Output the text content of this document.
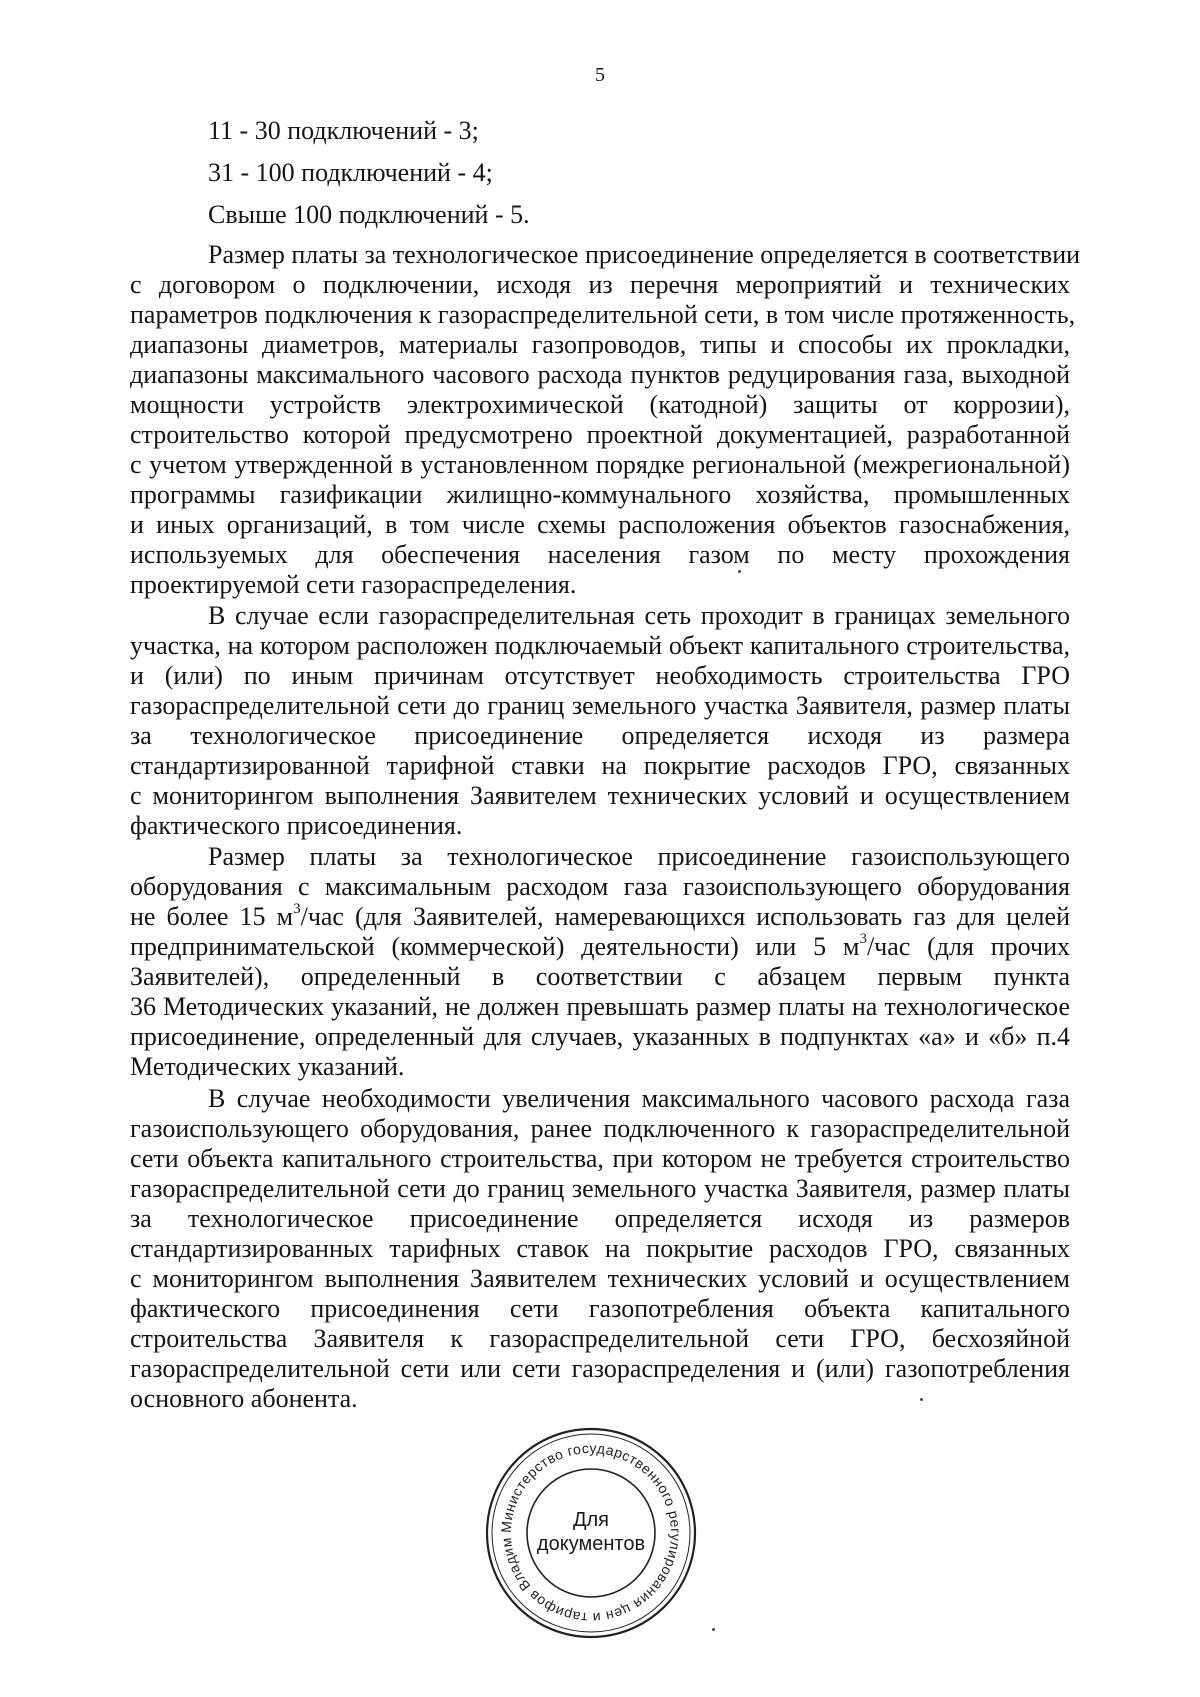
5
11 - 30 подключений - 3;
31 - 100 подключений - 4;
Свыше 100 подключений - 5.
Размер платы за технологическое присоединение определяется в соответствии
с договором о подключении, исходя из перечня мероприятий и технических
параметров подключения к газораспределительной сети, в том числе протяженность,
диапазоны диаметров, материалы газопроводов, типы и способы их прокладки,
диапазоны максимального часового расхода пунктов редуцирования газа, выходной
мощности устройств электрохимической (катодной) защиты от коррозии),
строительство которой предусмотрено проектной документацией, разработанной
с учетом утвержденной в установленном порядке региональной (межрегиональной)
программы газификации жилищно-коммунального хозяйства, промышленных
и иных организаций, в том числе схемы расположения объектов газоснабжения,
используемых для обеспечения населения газом по месту прохождения
проектируемой сети газораспределения.
В случае если газораспределительная сеть проходит в границах земельного
участка, на котором расположен подключаемый объект капитального строительства,
и (или) по иным причинам отсутствует необходимость строительства ГРО
газораспределительной сети до границ земельного участка Заявителя, размер платы
за технологическое присоединение определяется исходя из размера
стандартизированной тарифной ставки на покрытие расходов ГРО, связанных
с мониторингом выполнения Заявителем технических условий и осуществлением
фактического присоединения.
Размер платы за технологическое присоединение газоиспользующего
оборудования с максимальным расходом газа газоиспользующего оборудования
не более 15 $м^3$/час (для Заявителей, намеревающихся использовать газ для целей
предпринимательской (коммерческой) деятельности) или 5 $м^3$/час (для прочих
Заявителей), определенный в соответствии с абзацем первым пункта
36 Методических указаний, не должен превышать размер платы на технологическое
присоединение, определенный для случаев, указанных в подпунктах «а» и «б» п.4
Методических указаний.
В случае необходимости увеличения максимального часового расхода газа
газоиспользующего оборудования, ранее подключенного к газораспределительной
сети объекта капитального строительства, при котором не требуется строительство
газораспределительной сети до границ земельного участка Заявителя, размер платы
за технологическое присоединение определяется исходя из размеров
стандартизированных тарифных ставок на покрытие расходов ГРО, связанных
с мониторингом выполнения Заявителем технических условий и осуществлением
фактического присоединения сети газопотребления объекта капитального
строительства Заявителя к газораспределительной сети ГРО, бесхозяйной
газораспределительной сети или сети газораспределения и (или) газопотребления
основного абонента.
Министерство государственного регулирования цен и тарифов Владим
Для
документов
